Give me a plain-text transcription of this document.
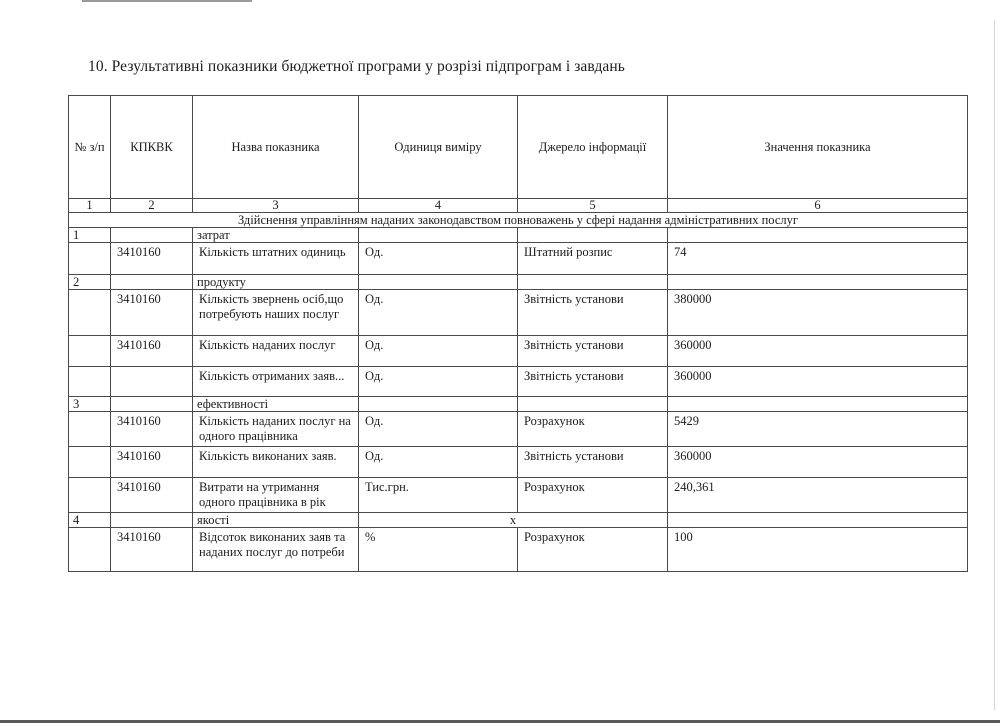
10. Результативні показники бюджетної програми у розрізі підпрограм і завдань
№ з/п	КПКВК	Назва показника	Одиниця виміру	Джерело інформації	Значення показника
1	2	3	4	5	6
Здійснення управлінням наданих законодавством повноважень у сфері надання адміністративних послуг					
1		затрат			
	3410160	Кількість штатних одиниць	Од.	Штатний розпис	74
2		продукту			
	3410160	Кількість звернень осіб,що потребують наших послуг	Од.	Звітність установи	380000
	3410160	Кількість наданих послуг	Од.	Звітність установи	360000
		Кількість отриманих заяв...	Од.	Звітність установи	360000
3		ефективності			
	3410160	Кількість наданих послуг на одного працівника	Од.	Розрахунок	5429
	3410160	Кількість виконаних заяв.	Од.	Звітність установи	360000
	3410160	Витрати на утримання одного працівника в рік	Тис.грн.	Розрахунок	240,361
4		якості	x		
	3410160	Відсоток виконаних заяв та наданих послуг до потреби	%	Розрахунок	100
